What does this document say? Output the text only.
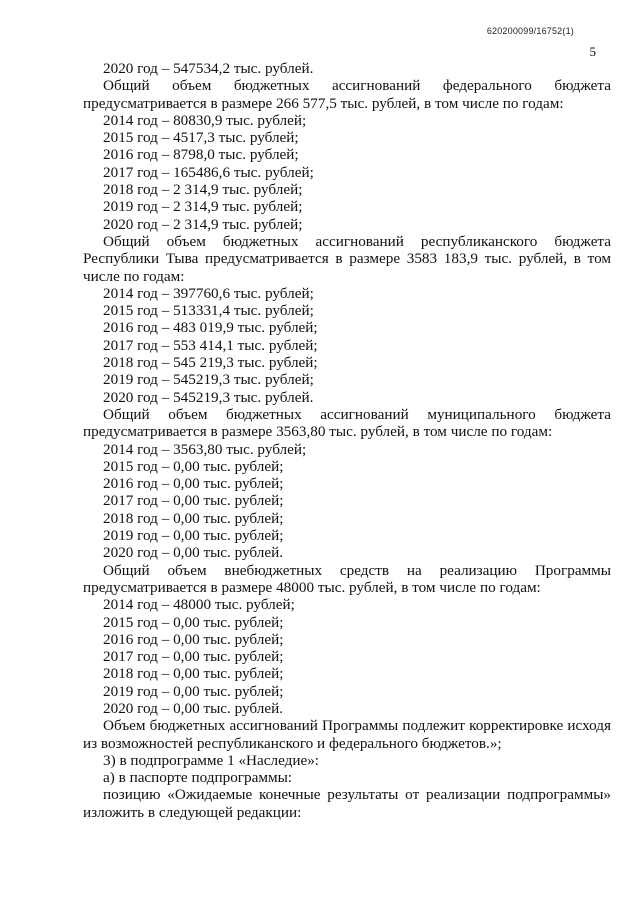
620200099/16752(1)
5
2020 год – 547534,2 тыс. рублей.
Общий объем бюджетных ассигнований федерального бюджета предусматривается в размере 266 577,5 тыс. рублей, в том числе по годам:
2014 год – 80830,9 тыс. рублей;
2015 год – 4517,3 тыс. рублей;
2016 год – 8798,0 тыс. рублей;
2017 год – 165486,6 тыс. рублей;
2018 год – 2 314,9 тыс. рублей;
2019 год – 2 314,9 тыс. рублей;
2020 год – 2 314,9 тыс. рублей;
Общий объем бюджетных ассигнований республиканского бюджета Республики Тыва предусматривается в размере 3583 183,9 тыс. рублей, в том числе по годам:
2014 год – 397760,6 тыс. рублей;
2015 год – 513331,4 тыс. рублей;
2016 год – 483 019,9 тыс. рублей;
2017 год – 553 414,1 тыс. рублей;
2018 год – 545 219,3 тыс. рублей;
2019 год – 545219,3 тыс. рублей;
2020 год – 545219,3 тыс. рублей.
Общий объем бюджетных ассигнований муниципального бюджета предусматривается в размере 3563,80 тыс. рублей, в том числе по годам:
2014 год – 3563,80 тыс. рублей;
2015 год – 0,00 тыс. рублей;
2016 год – 0,00 тыс. рублей;
2017 год – 0,00 тыс. рублей;
2018 год – 0,00 тыс. рублей;
2019 год – 0,00 тыс. рублей;
2020 год – 0,00 тыс. рублей.
Общий объем внебюджетных средств на реализацию Программы предусматривается в размере 48000 тыс. рублей, в том числе по годам:
2014 год – 48000 тыс. рублей;
2015 год – 0,00 тыс. рублей;
2016 год – 0,00 тыс. рублей;
2017 год – 0,00 тыс. рублей;
2018 год – 0,00 тыс. рублей;
2019 год – 0,00 тыс. рублей;
2020 год – 0,00 тыс. рублей.
Объем бюджетных ассигнований Программы подлежит корректировке исходя из возможностей республиканского и федерального бюджетов.»;
3) в подпрограмме 1 «Наследие»:
а) в паспорте подпрограммы:
позицию «Ожидаемые конечные результаты от реализации подпрограммы» изложить в следующей редакции:
